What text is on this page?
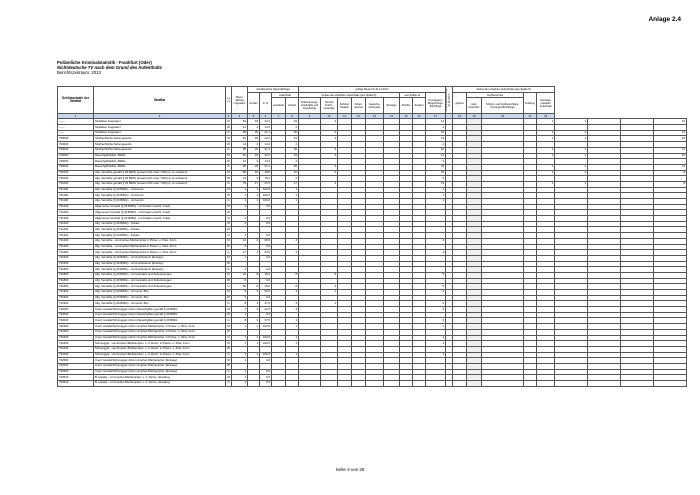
Anlage 2.4
Polizeiliche Kriminalstatistik - Frankfurt (Oder)
Nichtdeutsche TV nach dem Grund des Aufenthalts
Berichtszeitraum: 2013
Schlüsselzahl der Straftat	Straftat	s e x u	Tatver-dächtig insgesamt	nichtdeutsche Tatverdächtige				gültige Werte bis 31.12.2017									Aufenthaltsstatus/(ab 01.01.2017)	Status des erlaubten Aufenthalts (aus Spalte 8)								
				Anzahl	in %	Aufenthalt		Anlass des erlaubten Aufenthalts (aus Spalte 8)						aus Spalte 11		Kontingent-/ Bürgerkriegs-flüchtlinge		gesamt	Asylbereiches		Duldung	Sonstiger erlaubter Aufenthalt				
						unerlaubt	erlaubt	Stationierungs-streitkräfte und Angehörige	Tourist/ Durch-reisender	Schüler/ Student	Arbeit-nehmer	Gewerbe-treibender	Sonstige	Schüler	Student				Asyl-bewerber	Schutz- und Asylberechtigte, Kontingentflüchtlinge						

1	2	3	4	5	6	7	8	9	10	11	12	13	14	15	16	17		18	19	20	21	22				
------	Straftaten insgesamt	M	81	18	22,2		19		4							14						1	1			10
------	Straftaten insgesamt	W	14	2	14,3		2									2										
------	Straftaten insgesamt	G	95	20	21,1		20		4							16						1	1			11
700000	Strafrechtliche Nebengesetze	M	81	18	22,2		19		4							14						1	1			10
700000	Strafrechtliche Nebengesetze	W	14	2	14,3		2									2										
700000	Strafrechtliche Nebengesetze	G	95	20	21,1		20		4							16						1	1			11
730000	Rauschgiftdelikte -BtMG-	M	81	18	22,2		19		4							14						1	1			10
730000	Rauschgiftdelikte -BtMG-	W	14	2	14,3		2									2										
730000	Rauschgiftdelikte -BtMG-	G	95	20	21,1		20		4							16						1	1			11
731000	Allg. Verstöße gemäß § 29 BtMG (soweit nicht unter 7340 pp. zu erfassen)	M	86	16	18,6		16		4							10						1	1			8
731000	Allg. Verstöße gemäß § 29 BtMG (soweit nicht unter 7340 pp. zu erfassen)	W	13	2	15,4		2									2										
731000	Allg. Verstöße gemäß § 29 BtMG (soweit nicht unter 7340 pp. zu erfassen)	G	79	17	21,5		17		4							13						1	1			8
731100	Allg. Verstöße (§ 29 BtMG) - mit Heroin	M	1	1	100,0		1									1										
731100	Allg. Verstöße (§ 29 BtMG) - mit Heroin	W	1	1	100,0		1									1										
731100	Allg. Verstöße (§ 29 BtMG) - mit Heroin	G	1	1	100,0		1									1										
731200	Allgemeiner Verstoß (§ 29 BtMG) - mit Kokain einschl. Crack	M	2		0,0																					
731200	Allgemeiner Verstoß (§ 29 BtMG) - mit Kokain einschl. Crack	W																								
731200	Allgemeiner Verstoß (§ 29 BtMG) - mit Kokain einschl. Crack	G	2		0,0																					
731202	Allg. Verstöße (§ 29 BtMG) - Kokain	M	2		0,0																					
731202	Allg. Verstöße (§ 29 BtMG) - Kokain	W																								
731202	Allg. Verstöße (§ 29 BtMG) - Kokain	G	2		0,0																					
731400	Allg. Verstöße - mit Amphet./Methamphet.in Pulver- o. flüss. Form	M	14	4	28,6		4									4										
731400	Allg. Verstöße - mit Amphet./Methamphet.in Pulver- o. flüss. Form	W	3		0,0																					
731400	Allg. Verstöße - mit Amphet./Methamphet.in Pulver- o. flüss. Form	G	17	4	23,5		4									4										
731500	Allg. Verstöße (§ 29 BtMG) - mit Amphetamin (Ecstasy)	M	1		0,0																					
731500	Allg. Verstöße (§ 29 BtMG) - mit Amphetamin (Ecstasy)	W																								
731500	Allg. Verstöße (§ 29 BtMG) - mit Amphetamin (Ecstasy)	G	1		0,0																					
731800	Allg. Verstöße (§ 29 BtMG) - mit Cannabis und Zubereitungen	M	44	8	18,2		8		3							5										
731800	Allg. Verstöße (§ 29 BtMG) - mit Cannabis und Zubereitungen	W	6		0,0																					
731800	Allg. Verstöße (§ 29 BtMG) - mit Cannabis und Zubereitungen	G	50	8	16,0		8		3							5										
731900	Allg. Verstöße (§ 29 BtMG) - mit sonst. Btm	M	5	3	60,0		3		1							2										
731900	Allg. Verstöße (§ 29 BtMG) - mit sonst. Btm	W	3		0,0																					
731900	Allg. Verstöße (§ 29 BtMG) - mit sonst. Btm	G	8	3	37,5		3		1							2										
732000	Unerl. Handel/Schmuggel mit/von Rauschgiften gemäß § 29 BtMG	M	7	3	42,9		3									3										
732000	Unerl. Handel/Schmuggel mit/von Rauschgiften gemäß § 29 BtMG	W	1		0,0																					
732000	Unerl. Handel/Schmuggel mit/von Rauschgiften gemäß § 29 BtMG	G	8	3	37,5		3									3										
732400	Unerl. Handel/Schmuggel mit/von Amphet./Methamphet. in Pulver- o. flüss. Form	M	1	1	100,0		1									1										
732400	Unerl. Handel/Schmuggel mit/von Amphet./Methamphet. in Pulver- o. flüss. Form	W																								
732400	Unerl. Handel/Schmuggel mit/von Amphet./Methamphet. in Pulver- o. flüss. Form	G	1	1	100,0		1									1										
732430	Schmuggel - von Amphet./Methamphet. u. d. Derivr. in Pulver- o. flüss. Form	M	1	1	100,0		1									1										
732430	Schmuggel - von Amphet./Methamphet. u. d. Derivr. in Pulver- o. flüss. Form	W																								
732430	Schmuggel - von Amphet./Methamphet. u. d. Derivr. in Pulver- o. flüss. Form	G	1	1	100,0		1									1										
732500	Unerl. Handel/Schmuggel mit/von Amphet./Methamphet. (Ecstasy)	M	1		0,0																					
732500	Unerl. Handel/Schmuggel mit/von Amphet./Methamphet. (Ecstasy)	W																								
732500	Unerl. Handel/Schmuggel mit/von Amphet./Methamphet. (Ecstasy)	G	1		0,0																					
732510	B. Handel - mit Amphet./Methamphet. u. d. Derive. (Ecstasy)	M	1		0,0																					
732510	B. Handel - mit Amphet./Methamphet. u. d. Derive. (Ecstasy)	G	1		0,0																					
Seite 3 von 25
